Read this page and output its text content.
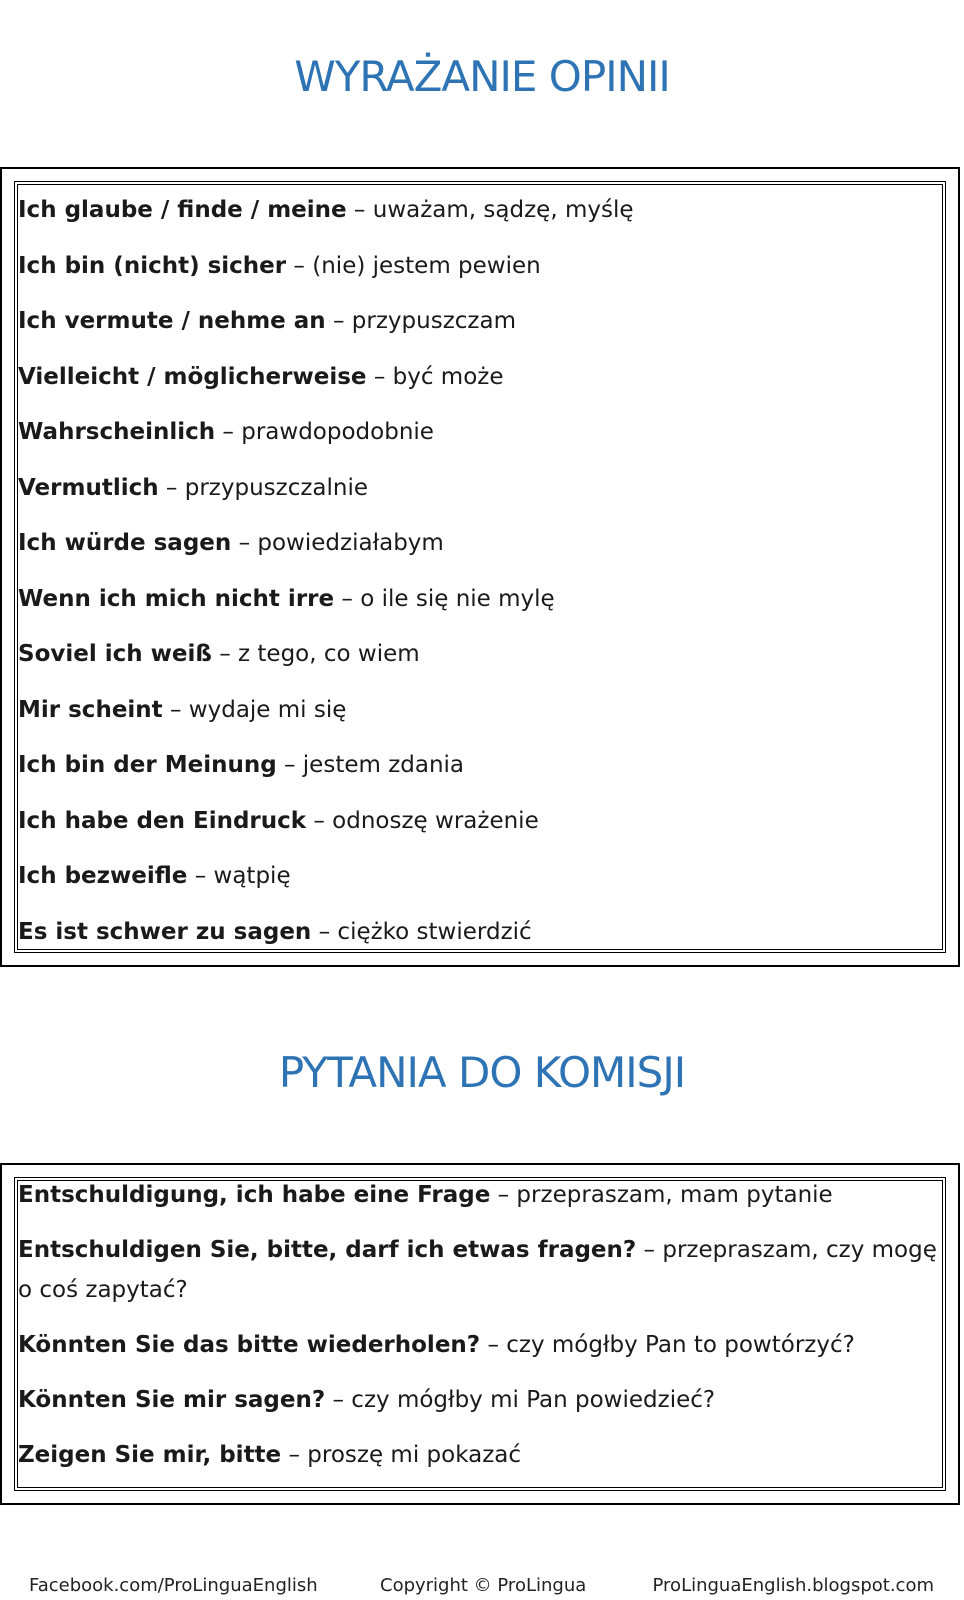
WYRAŻANIE OPINII
Ich glaube / finde / meine – uważam, sądzę, myślę
Ich bin (nicht) sicher – (nie) jestem pewien
Ich vermute / nehme an – przypuszczam
Vielleicht / möglicherweise – być może
Wahrscheinlich – prawdopodobnie
Vermutlich – przypuszczalnie
Ich würde sagen – powiedziałabym
Wenn ich mich nicht irre – o ile się nie mylę
Soviel ich weiß – z tego, co wiem
Mir scheint – wydaje mi się
Ich bin der Meinung – jestem zdania
Ich habe den Eindruck – odnoszę wrażenie
Ich bezweifle – wątpię
Es ist schwer zu sagen – ciężko stwierdzić
PYTANIA DO KOMISJI
Entschuldigung, ich habe eine Frage – przepraszam, mam pytanie
Entschuldigen Sie, bitte, darf ich etwas fragen? – przepraszam, czy mogę o coś zapytać?
Könnten Sie das bitte wiederholen? – czy mógłby Pan to powtórzyć?
Könnten Sie mir sagen? – czy mógłby mi Pan powiedzieć?
Zeigen Sie mir, bitte – proszę mi pokazać
Facebook.com/ProLinguaEnglish	Copyright © ProLingua	ProLinguaEnglish.blogspot.com
